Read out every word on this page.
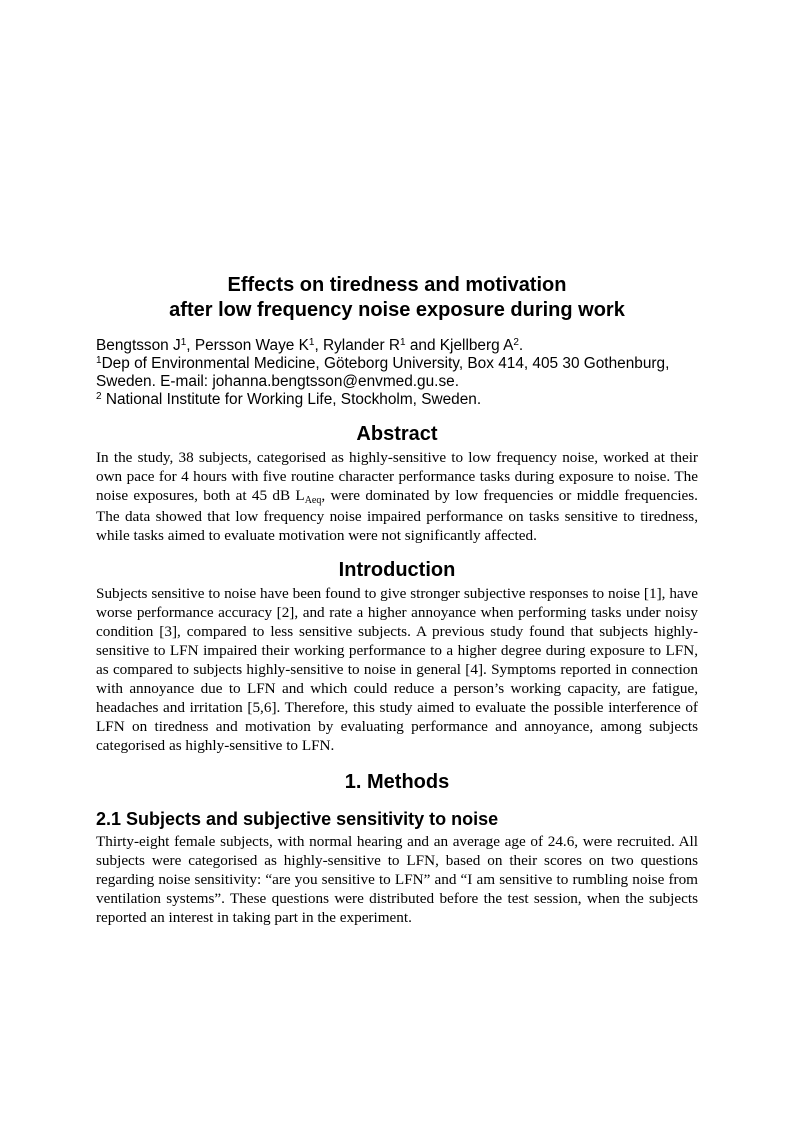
Effects on tiredness and motivation
after low frequency noise exposure during work

Bengtsson $J^1$, Persson Waye $K^1$, Rylander $R^1$ and Kjellberg $A^2$.

$^1$Dep of Environmental Medicine, Göteborg University, Box 414, 405 30 Gothenburg, Sweden. E-mail: johanna.bengtsson@envmed.gu.se.

$^2$ National Institute for Working Life, Stockholm, Sweden.

Abstract

In the study, 38 subjects, categorised as highly-sensitive to low frequency noise, worked at their own pace for 4 hours with five routine character performance tasks during exposure to noise. The noise exposures, both at 45 dB $L_{Aeq}$, were dominated by low frequencies or middle frequencies. The data showed that low frequency noise impaired performance on tasks sensitive to tiredness, while tasks aimed to evaluate motivation were not significantly affected.

Introduction

Subjects sensitive to noise have been found to give stronger subjective responses to noise [1], have worse performance accuracy [2], and rate a higher annoyance when performing tasks under noisy condition [3], compared to less sensitive subjects. A previous study found that subjects highly-sensitive to LFN impaired their working performance to a higher degree during exposure to LFN, as compared to subjects highly-sensitive to noise in general [4]. Symptoms reported in connection with annoyance due to LFN and which could reduce a person’s working capacity, are fatigue, headaches and irritation [5,6]. Therefore, this study aimed to evaluate the possible interference of LFN on tiredness and motivation by evaluating performance and annoyance, among subjects categorised as highly-sensitive to LFN.

1. Methods
2.1 Subjects and subjective sensitivity to noise

Thirty-eight female subjects, with normal hearing and an average age of 24.6, were recruited. All subjects were categorised as highly-sensitive to LFN, based on their scores on two questions regarding noise sensitivity: “are you sensitive to LFN” and “I am sensitive to rumbling noise from ventilation systems”. These questions were distributed before the test session, when the subjects reported an interest in taking part in the experiment.
